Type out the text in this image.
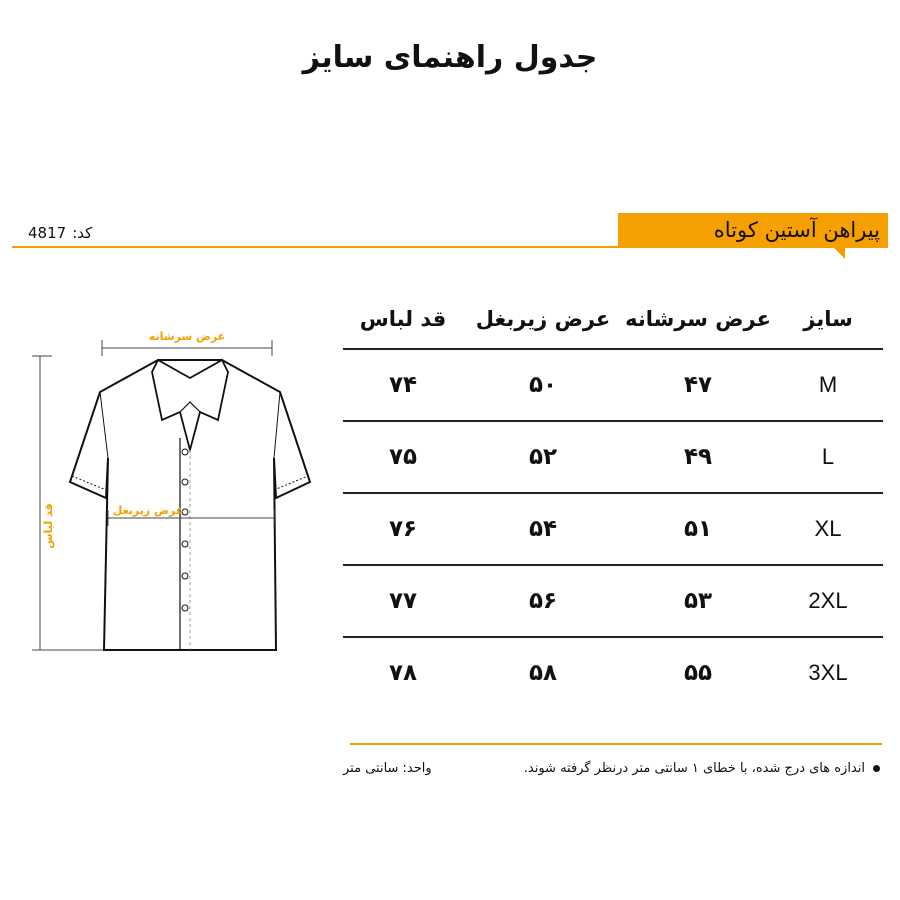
جدول راهنمای سایز
پیراهن آستین کوتاه
کد:4817
عرض سرشانه
قد لباس	عرض زیربغل
سایز
عرض سرشانه
عرض زیربغل
قد لباس
M
۴۷
۵۰
۷۴
L
۴۹
۵۲
۷۵
XL
۵۱
۵۴
۷۶
2XL
۵۳
۵۶
۷۷
3XL
۵۵
۵۸
۷۸
اندازه های درج شده، با خطای ۱ سانتی متر درنظر گرفته شوند.
واحد: سانتی متر
